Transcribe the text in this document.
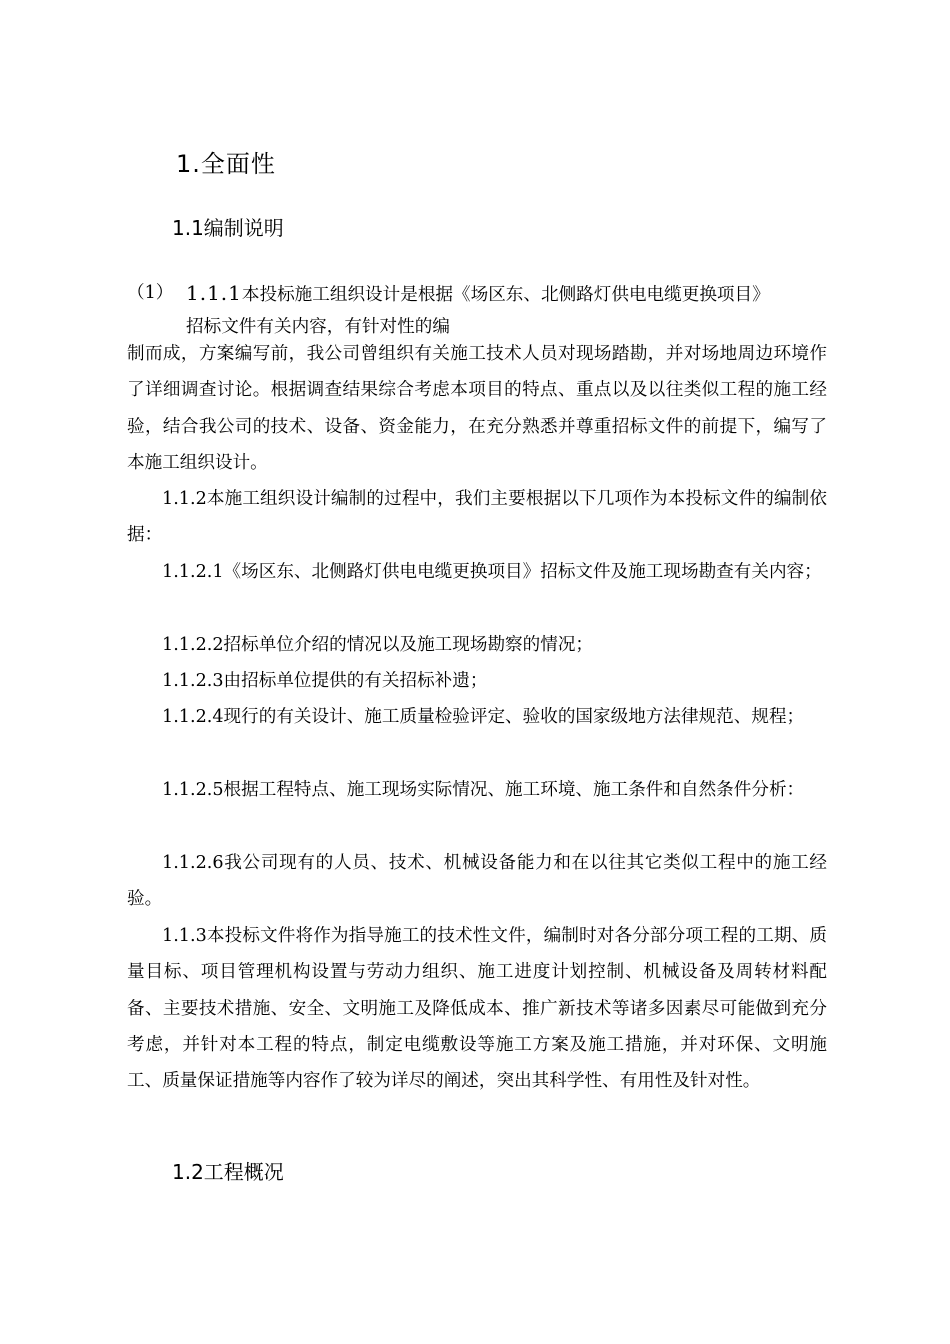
1.全面性
1.1编制说明

（1） 1.1.1本投标施工组织设计是根据《场区东、北侧路灯供电电缆更换项目》

招标文件有关内容，有针对性的编

制而成，方案编写前，我公司曾组织有关施工技术人员对现场踏勘，并对场地周边环境作了详细调查讨论。根据调查结果综合考虑本项目的特点、重点以及以往类似工程的施工经验，结合我公司的技术、设备、资金能力，在充分熟悉并尊重招标文件的前提下，编写了本施工组织设计。

1.1.2本施工组织设计编制的过程中，我们主要根据以下几项作为本投标文件的编制依据：

1.1.2.1《场区东、北侧路灯供电电缆更换项目》招标文件及施工现场勘查有关内容；

1.1.2.2招标单位介绍的情况以及施工现场勘察的情况；

1.1.2.3由招标单位提供的有关招标补遗；

1.1.2.4现行的有关设计、施工质量检验评定、验收的国家级地方法律规范、规程；

1.1.2.5根据工程特点、施工现场实际情况、施工环境、施工条件和自然条件分析：

1.1.2.6我公司现有的人员、技术、机械设备能力和在以往其它类似工程中的施工经验。

1.1.3本投标文件将作为指导施工的技术性文件，编制时对各分部分项工程的工期、质量目标、项目管理机构设置与劳动力组织、施工进度计划控制、机械设备及周转材料配备、主要技术措施、安全、文明施工及降低成本、推广新技术等诸多因素尽可能做到充分考虑，并针对本工程的特点，制定电缆敷设等施工方案及施工措施，并对环保、文明施工、质量保证措施等内容作了较为详尽的阐述，突出其科学性、有用性及针对性。

1.2工程概况
